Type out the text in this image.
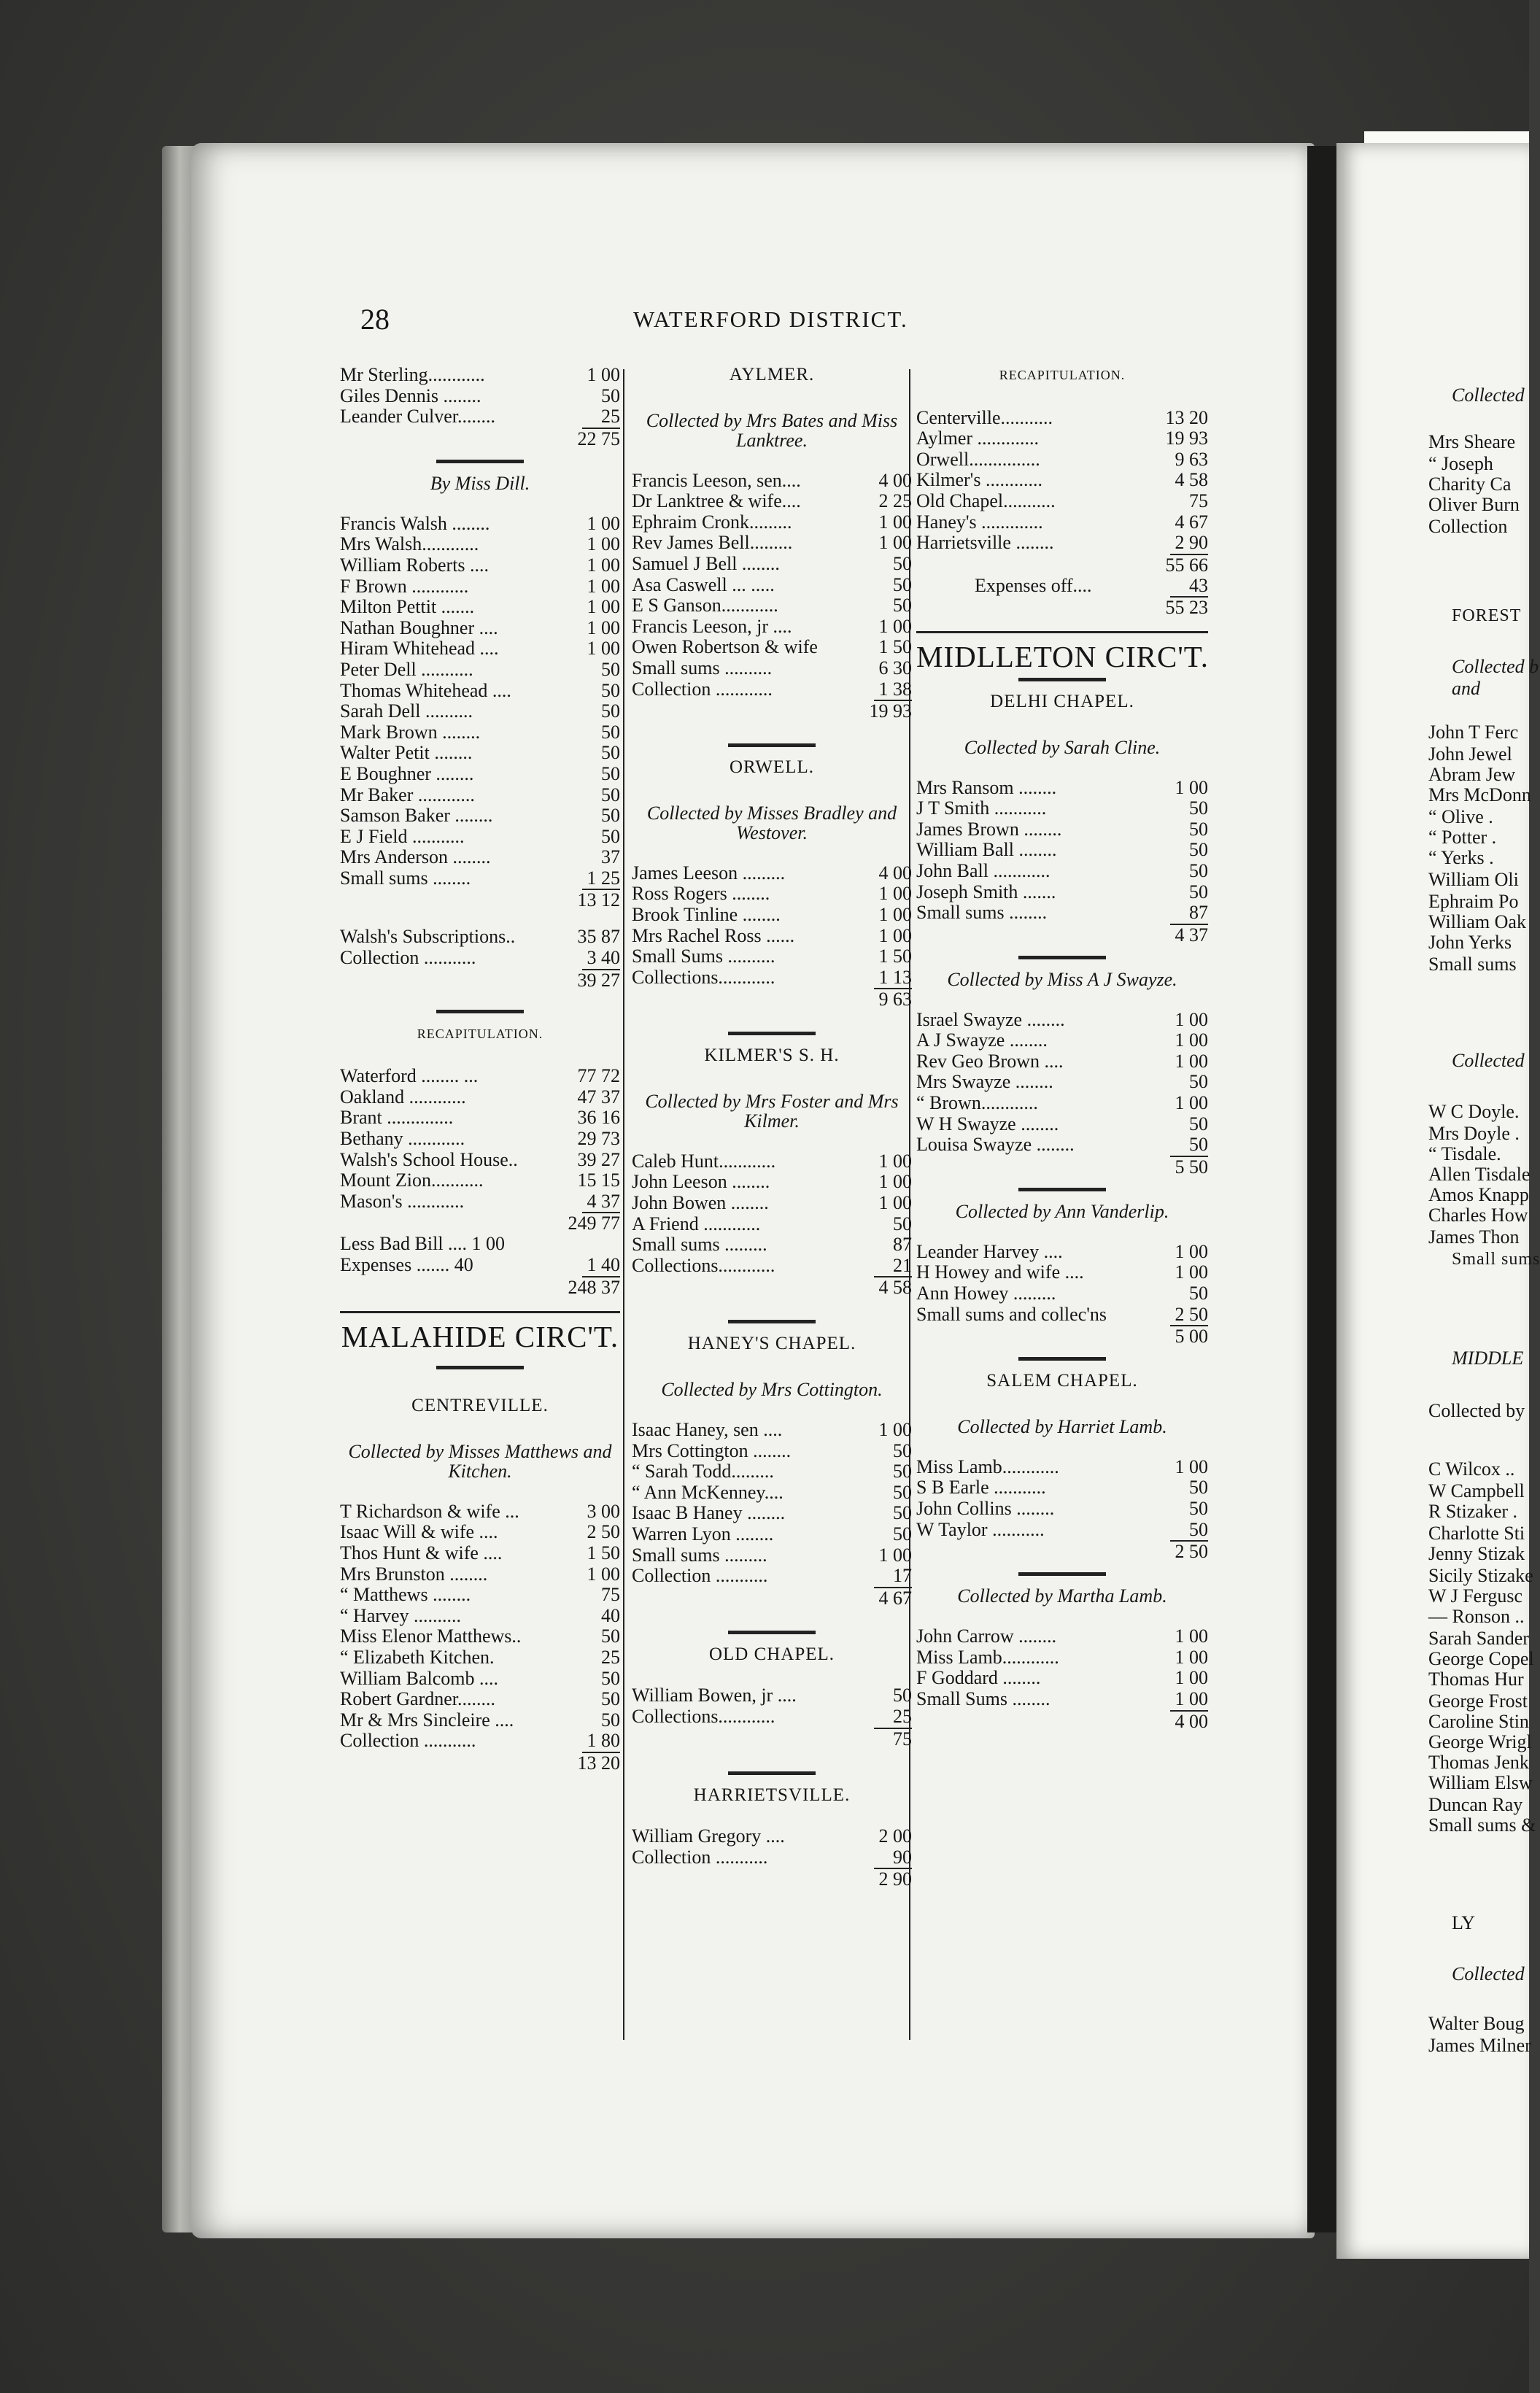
28	WATERFORD DISTRICT.
Mr Sterling............	1 00
Giles Dennis ........	50
Leander Culver........	25
22 75
By Miss Dill.
Francis Walsh ........	1 00
Mrs Walsh............	1 00
William Roberts ....	1 00
F Brown ............	1 00
Milton Pettit .......	1 00
Nathan Boughner ....	1 00
Hiram Whitehead ....	1 00
Peter Dell ...........	50
Thomas Whitehead ....	50
Sarah Dell ..........	50
Mark Brown ........	50
Walter Petit ........	50
E Boughner ........	50
Mr Baker ............	50
Samson Baker ........	50
E J Field ...........	50
Mrs Anderson ........	37
Small sums ........	1 25
13 12
Walsh's Subscriptions..	35 87
Collection ...........	3 40
39 27
RECAPITULATION.
Waterford ........ ...	77 72
Oakland ............	47 37
Brant ..............	36 16
Bethany ............	29 73
Walsh's School House..	39 27
Mount Zion...........	15 15
Mason's ............	4 37
249 77
Less Bad Bill .... 1 00
Expenses ....... 40	1 40
248 37
MALAHIDE CIRC'T.
CENTREVILLE.
Collected by Misses Matthews and Kitchen.
T Richardson & wife ...	3 00
Isaac Will & wife ....	2 50
Thos Hunt & wife ....	1 50
Mrs Brunston ........	1 00
“ Matthews ........	75
“ Harvey ..........	40
Miss Elenor Matthews..	50
“ Elizabeth Kitchen.	25
William Balcomb ....	50
Robert Gardner........	50
Mr & Mrs Sincleire ....	50
Collection ...........	1 80
13 20
AYLMER.
Collected by Mrs Bates and Miss Lanktree.
Francis Leeson, sen....	4 00
Dr Lanktree & wife....	2 25
Ephraim Cronk.........	1 00
Rev James Bell.........	1 00
Samuel J Bell ........	50
Asa Caswell ... .....	50
E S Ganson............	50
Francis Leeson, jr ....	1 00
Owen Robertson & wife	1 50
Small sums ..........	6 30
Collection ............	1 38
19 93
ORWELL.
Collected by Misses Bradley and Westover.
James Leeson .........	4 00
Ross Rogers ........	1 00
Brook Tinline ........	1 00
Mrs Rachel Ross ......	1 00
Small Sums ..........	1 50
Collections............	1 13
9 63
KILMER'S S. H.
Collected by Mrs Foster and Mrs Kilmer.
Caleb Hunt............	1 00
John Leeson ........	1 00
John Bowen ........	1 00
A Friend ............	50
Small sums .........	87
Collections............	21
4 58
HANEY'S CHAPEL.
Collected by Mrs Cottington.
Isaac Haney, sen ....	1 00
Mrs Cottington ........	50
“ Sarah Todd.........	50
“ Ann McKenney....	50
Isaac B Haney ........	50
Warren Lyon ........	50
Small sums .........	1 00
Collection ...........	17
4 67
OLD CHAPEL.
William Bowen, jr ....	50
Collections............	25
75
HARRIETSVILLE.
William Gregory ....	2 00
Collection ...........	90
2 90
RECAPITULATION.
Centerville...........	13 20
Aylmer .............	19 93
Orwell...............	9 63
Kilmer's ............	4 58
Old Chapel...........	75
Haney's .............	4 67
Harrietsville ........	2 90
55 66
Expenses off....	43
55 23
MIDLLETON CIRC'T.
DELHI CHAPEL.
Collected by Sarah Cline.
Mrs Ransom ........	1 00
J T Smith ...........	50
James Brown ........	50
William Ball ........	50
John Ball ............	50
Joseph Smith .......	50
Small sums ........	87
4 37
Collected by Miss A J Swayze.
Israel Swayze ........	1 00
A J Swayze ........	1 00
Rev Geo Brown ....	1 00
Mrs Swayze ........	50
“ Brown............	1 00
W H Swayze ........	50
Louisa Swayze ........	50
5 50
Collected by Ann Vanderlip.
Leander Harvey ....	1 00
H Howey and wife ....	1 00
Ann Howey .........	50
Small sums and collec'ns	2 50
5 00
SALEM CHAPEL.
Collected by Harriet Lamb.
Miss Lamb............	1 00
S B Earle ...........	50
John Collins ........	50
W Taylor ...........	50
2 50
Collected by Martha Lamb.
John Carrow ........	1 00
Miss Lamb............	1 00
F Goddard ........	1 00
Small Sums ........	1 00
4 00
Collected
Mrs Sheare
“ Joseph
Charity Ca
Oliver Burn
Collection
FOREST
Collected b
and
John T Ferc
John Jewel
Abram Jew
Mrs McDonn
“ Olive .
“ Potter .
“ Yerks .
William Oli
Ephraim Po
William Oak
John Yerks
Small sums
Collected
W C Doyle.
Mrs Doyle .
“ Tisdale.
Allen Tisdale
Amos Knapp
Charles How
James Thon
Small sums
MIDDLE
Collected by
C Wilcox ..
W Campbell
R Stizaker .
Charlotte Sti
Jenny Stizak
Sicily Stizake
W J Fergusc
— Ronson ..
Sarah Sander
George Copel
Thomas Hur
George Frost
Caroline Stin
George Wrigl
Thomas Jenk
William Elsw
Duncan Ray
Small sums &
LY
Collected
Walter Boug
James Milner
